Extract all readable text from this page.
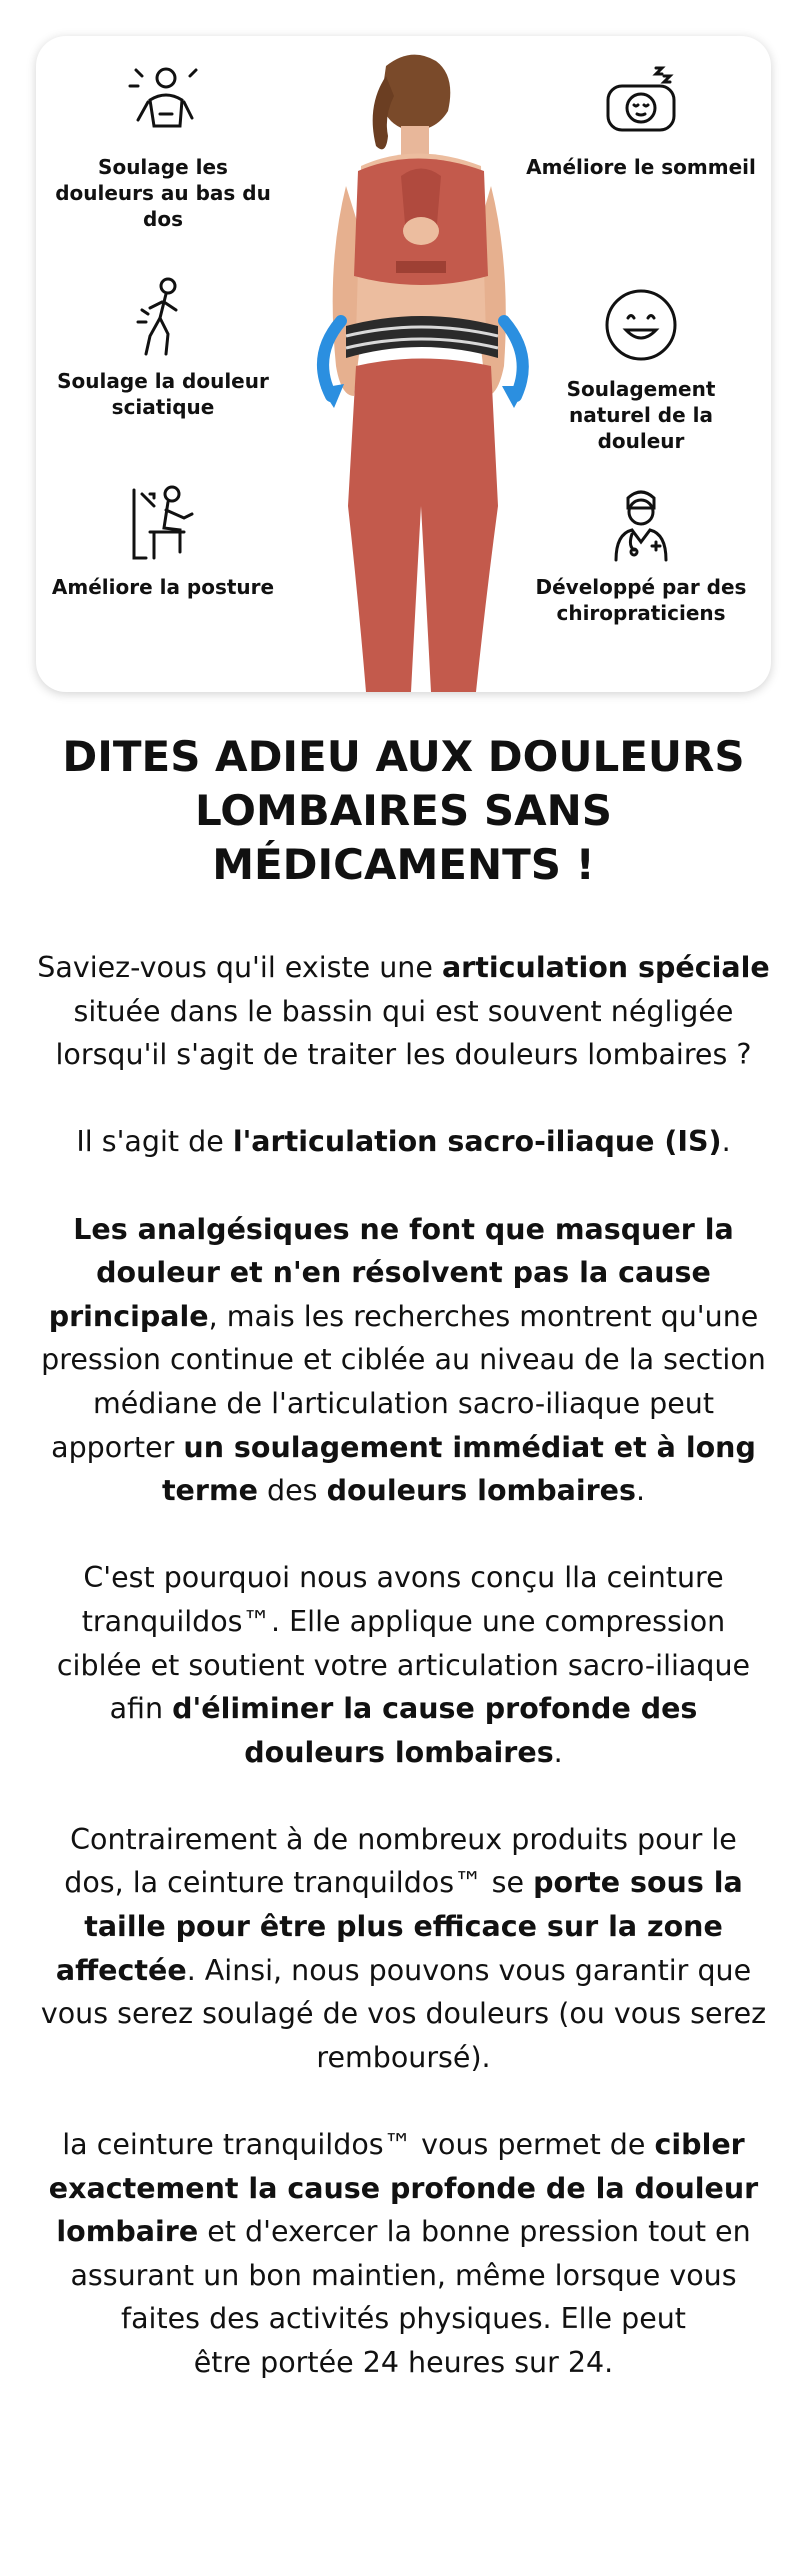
Soulage les douleurs au bas du dos
Améliore le sommeil
Soulage la douleur sciatique
Soulagement naturel de la douleur
Améliore la posture	Développé par des chiropraticiens
DITES ADIEU AUX DOULEURS LOMBAIRES SANS MÉDICAMENTS !

Saviez-vous qu'il existe une articulation spéciale située dans le bassin qui est souvent négligée lorsqu'il s'agit de traiter les douleurs lombaires ?

Il s'agit de l'articulation sacro-iliaque (IS).

Les analgésiques ne font que masquer la douleur et n'en résolvent pas la cause principale, mais les recherches montrent qu'une pression continue et ciblée au niveau de la section médiane de l'articulation sacro-iliaque peut apporter un soulagement immédiat et à long terme des douleurs lombaires.

C'est pourquoi nous avons conçu lla ceinture tranquildos™. Elle applique une compression ciblée et soutient votre articulation sacro-iliaque afin d'éliminer la cause profonde des douleurs lombaires.

Contrairement à de nombreux produits pour le dos, la ceinture tranquildos™ se porte sous la taille pour être plus efficace sur la zone affectée. Ainsi, nous pouvons vous garantir que vous serez soulagé de vos douleurs (ou vous serez remboursé).

la ceinture tranquildos™ vous permet de cibler exactement la cause profonde de la douleur lombaire et d'exercer la bonne pression tout en assurant un bon maintien, même lorsque vous faites des activités physiques. Elle peut
être portée 24 heures sur 24.
